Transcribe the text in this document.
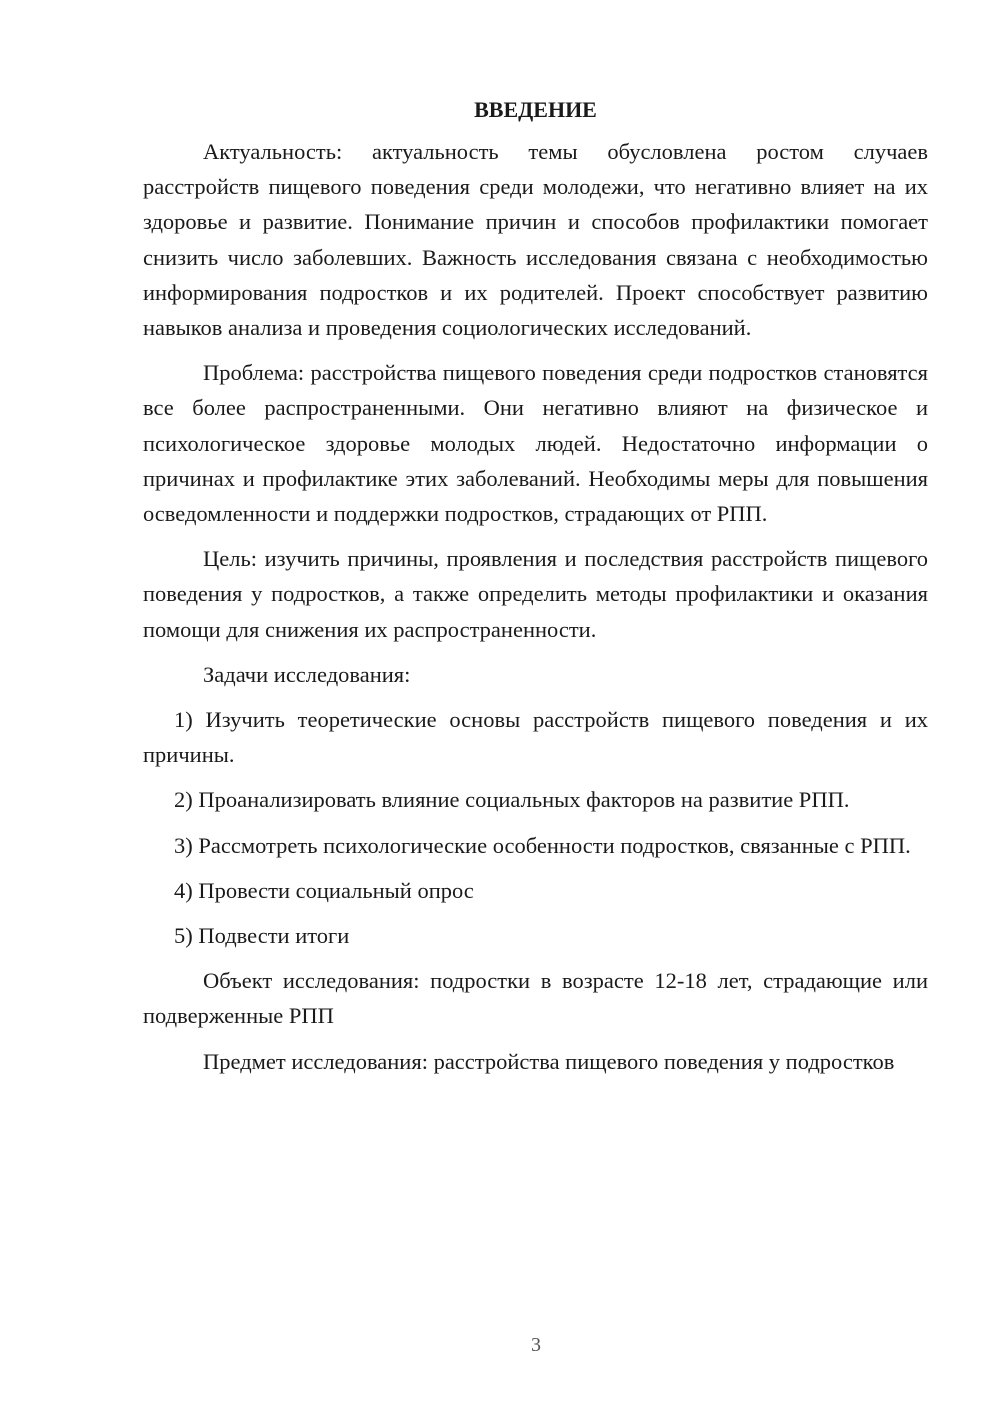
ВВЕДЕНИЕ

Актуальность: актуальность темы обусловлена ростом случаев расстройств пищевого поведения среди молодежи, что негативно влияет на их здоровье и развитие. Понимание причин и способов профилактики помогает снизить число заболевших. Важность исследования связана с необходимостью информирования подростков и их родителей. Проект способствует развитию навыков анализа и проведения социологических исследований.

Проблема: расстройства пищевого поведения среди подростков становятся все более распространенными. Они негативно влияют на физическое и психологическое здоровье молодых людей. Недостаточно информации о причинах и профилактике этих заболеваний. Необходимы меры для повышения осведомленности и поддержки подростков, страдающих от РПП.

Цель: изучить причины, проявления и последствия расстройств пищевого поведения у подростков, а также определить методы профилактики и оказания помощи для снижения их распространенности.

Задачи исследования:

1) Изучить теоретические основы расстройств пищевого поведения и их причины.

2) Проанализировать влияние социальных факторов на развитие РПП.

3) Рассмотреть психологические особенности подростков, связанные с РПП.

4) Провести социальный опрос

5) Подвести итоги

Объект исследования: подростки в возрасте 12-18 лет, страдающие или подверженные РПП

Предмет исследования: расстройства пищевого поведения у подростков

3
